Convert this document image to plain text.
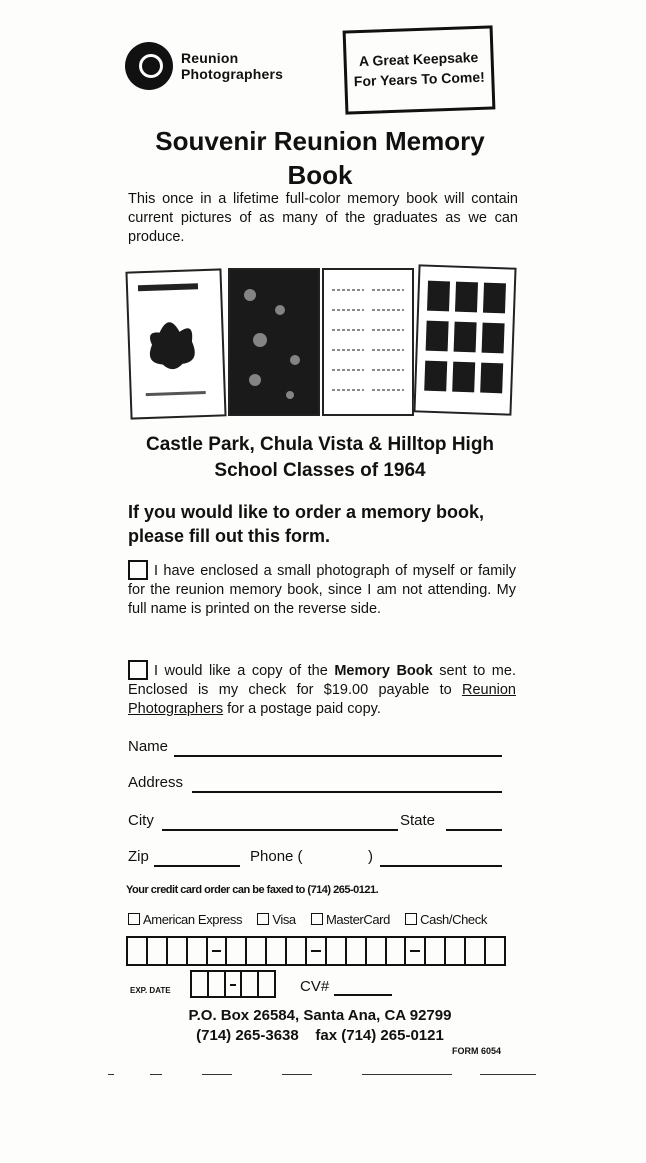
Reunion
Photographers
A Great Keepsake
For Years To Come!
Souvenir Reunion Memory
Book
This once in a lifetime full-color memory book will contain current pictures of as many of the graduates as we can produce.
Castle Park, Chula Vista & Hilltop High
School Classes of 1964
If you would like to order a memory book,
please fill out this form.
I have enclosed a small photograph of myself or family for the reunion memory book, since I am not attending. My full name is printed on the reverse side.
I would like a copy of the Memory Book sent to me. Enclosed is my check for $19.00 payable to Reunion Photographers for a postage paid copy.
Name
Address
City	State
Zip	Phone (	)
Your credit card order can be faxed to (714) 265-0121.
American Express Visa MasterCard Cash/Check
EXP. DATE	CV#
P.O. Box 26584, Santa Ana, CA 92799
(714) 265-3638    fax (714) 265-0121
FORM 6054
